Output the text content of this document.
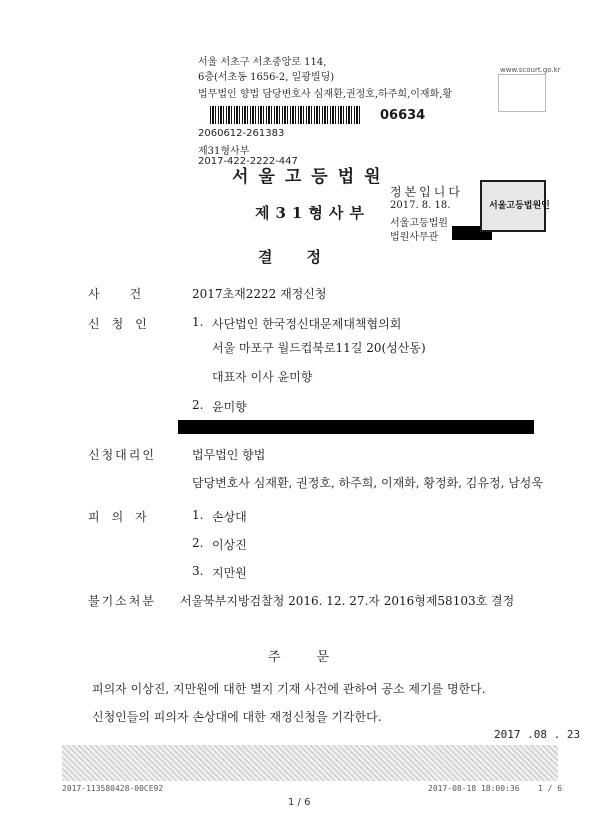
서울 서초구 서초중앙로 114,
6층(서초동 1656-2, 일광빌딩)
법무법인 향법 담당변호사 심재환,권정호,하주희,이재화,황
www.scourt.go.kr
06634
2060612-261383
제31형사부
2017-422-2222-447
서울고등법원
제31형사부
정본입니다
2017. 8. 18.
서울고등법원
법원사무관
서울고등법원인
결정
사건 2017초재2222 재정신청
신청인	1. 사단법인 한국정신대문제대책협의회
서울 마포구 월드컵북로11길 20(성산동)
대표자 이사 윤미향
2. 윤미향
신청대리인	법무법인 향법
담당변호사 심재환, 권정호, 하주희, 이재화, 황정화, 김유정, 남성욱
피의자	1. 손상대
2. 이상진
3. 지만원
불기소처분 서울북부지방검찰청 2016. 12. 27.자 2016형제58103호 결정
주문
피의자 이상진, 지만원에 대한 별지 기재 사건에 관하여 공소 제기를 명한다.
신청인들의 피의자 손상대에 대한 재정신청을 기각한다.
2017 .08 . 23
2017-113580428-00CE92	2017-08-18 18:00:36 1 / 6
1 / 6
